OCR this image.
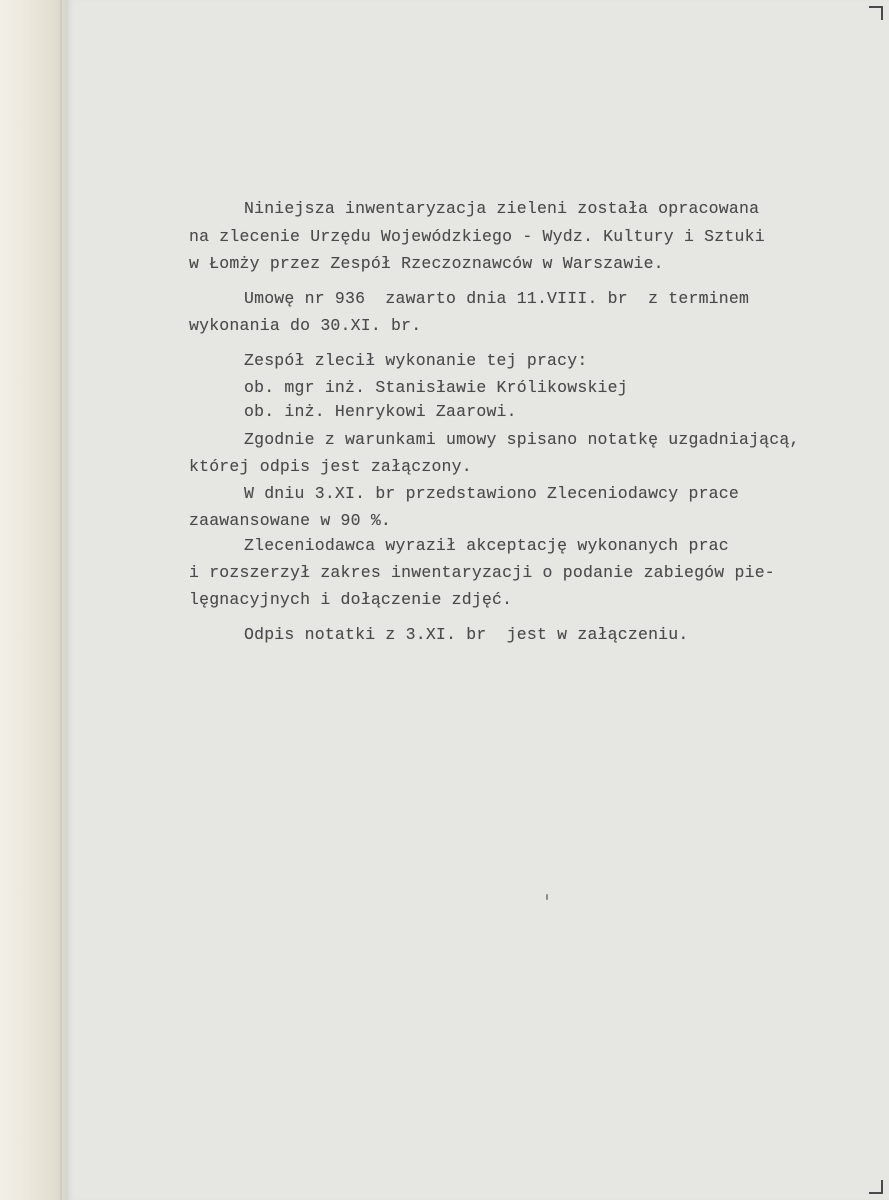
Niniejsza inwentaryzacja zieleni została opracowana
na zlecenie Urzędu Wojewódzkiego - Wydz. Kultury i Sztuki
w Łomży przez Zespół Rzeczoznawców w Warszawie.
Umowę nr 936  zawarto dnia 11.VIII. br  z terminem
wykonania do 30.XI. br.
Zespół zlecił wykonanie tej pracy:
ob. mgr inż. Stanisławie Królikowskiej
ob. inż. Henrykowi Zaarowi.
Zgodnie z warunkami umowy spisano notatkę uzgadniającą,
której odpis jest załączony.
W dniu 3.XI. br przedstawiono Zleceniodawcy prace
zaawansowane w 90 %.
Zleceniodawca wyraził akceptację wykonanych prac
i rozszerzył zakres inwentaryzacji o podanie zabiegów pie-
lęgnacyjnych i dołączenie zdjęć.
Odpis notatki z 3.XI. br  jest w załączeniu.
